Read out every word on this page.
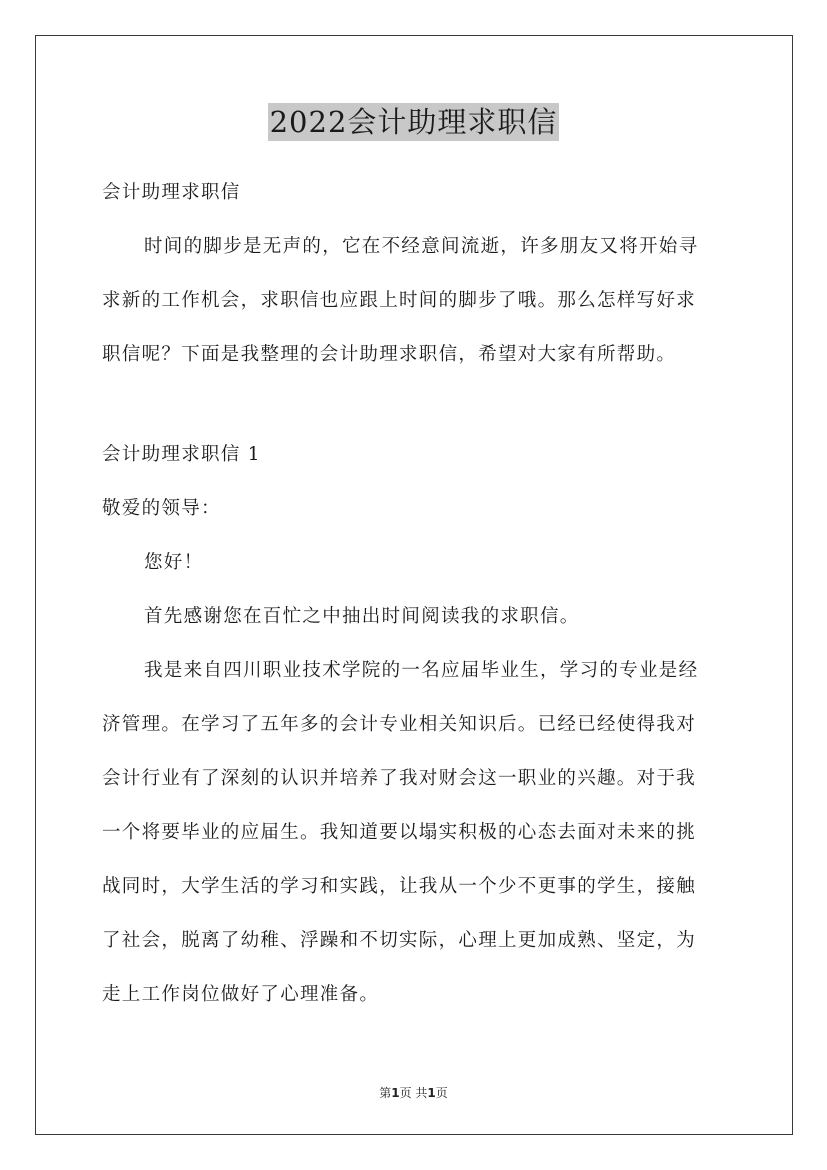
2022会计助理求职信
会计助理求职信
时间的脚步是无声的，它在不经意间流逝，许多朋友又将开始寻
求新的工作机会，求职信也应跟上时间的脚步了哦。那么怎样写好求
职信呢？下面是我整理的会计助理求职信，希望对大家有所帮助。
会计助理求职信 1
敬爱的领导：
您好！
首先感谢您在百忙之中抽出时间阅读我的求职信。
我是来自四川职业技术学院的一名应届毕业生，学习的专业是经
济管理。在学习了五年多的会计专业相关知识后。已经已经使得我对
会计行业有了深刻的认识并培养了我对财会这一职业的兴趣。对于我
一个将要毕业的应届生。我知道要以塌实积极的心态去面对未来的挑
战同时，大学生活的学习和实践，让我从一个少不更事的学生，接触
了社会，脱离了幼稚、浮躁和不切实际，心理上更加成熟、坚定，为
走上工作岗位做好了心理准备。
第1页 共1页
